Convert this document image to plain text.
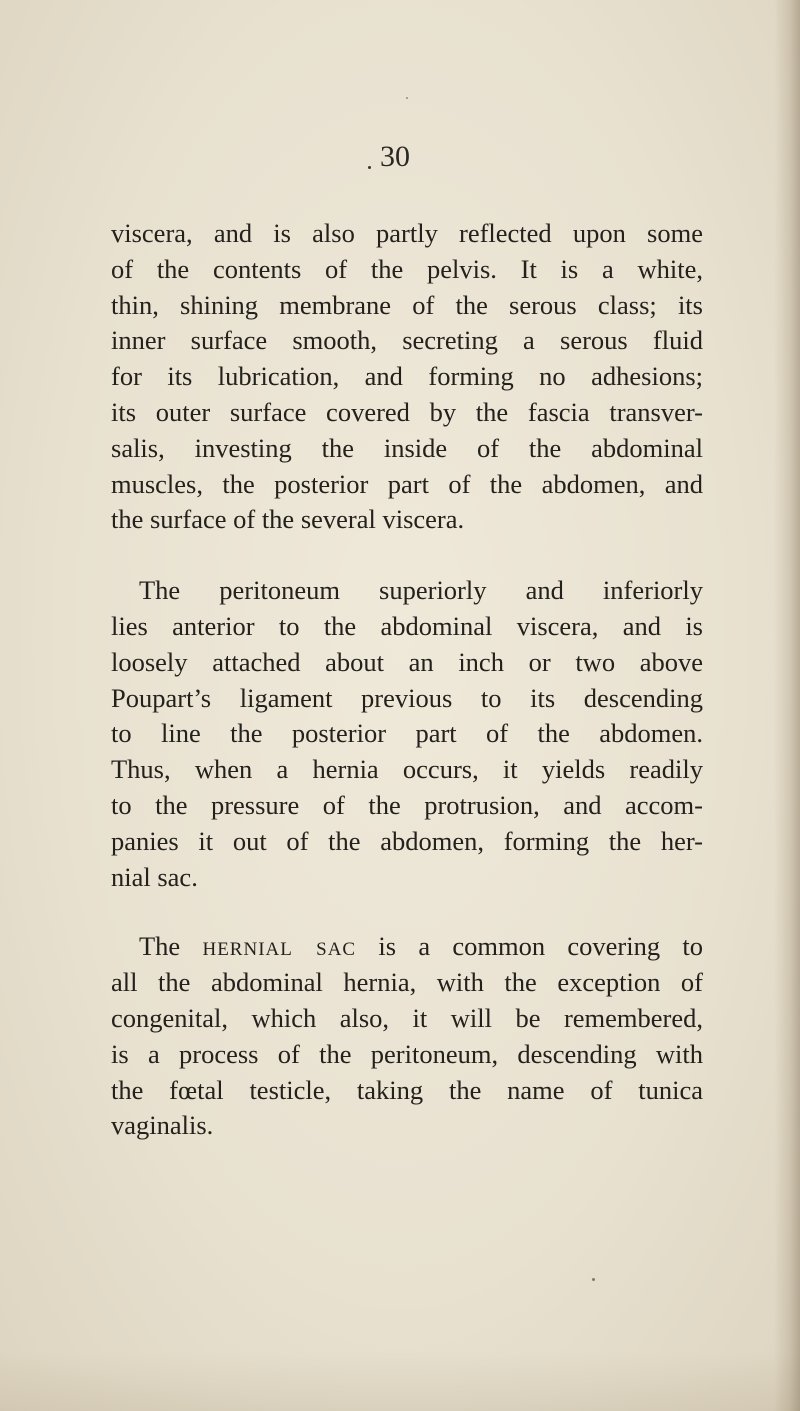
30

viscera, and is also partly reflected upon some
of the contents of the pelvis. It is a white,
thin, shining membrane of the serous class; its
inner surface smooth, secreting a serous fluid
for its lubrication, and forming no adhesions;
its outer surface covered by the fascia transver-
salis, investing the inside of the abdominal
muscles, the posterior part of the abdomen, and
the surface of the several viscera.

The peritoneum superiorly and inferiorly
lies anterior to the abdominal viscera, and is
loosely attached about an inch or two above
Poupart’s ligament previous to its descending
to line the posterior part of the abdomen.
Thus, when a hernia occurs, it yields readily
to the pressure of the protrusion, and accom-
panies it out of the abdomen, forming the her-
nial sac.

The hernial sac is a common covering to
all the abdominal hernia, with the exception of
congenital, which also, it will be remembered,
is a process of the peritoneum, descending with
the fœtal testicle, taking the name of tunica
vaginalis.
